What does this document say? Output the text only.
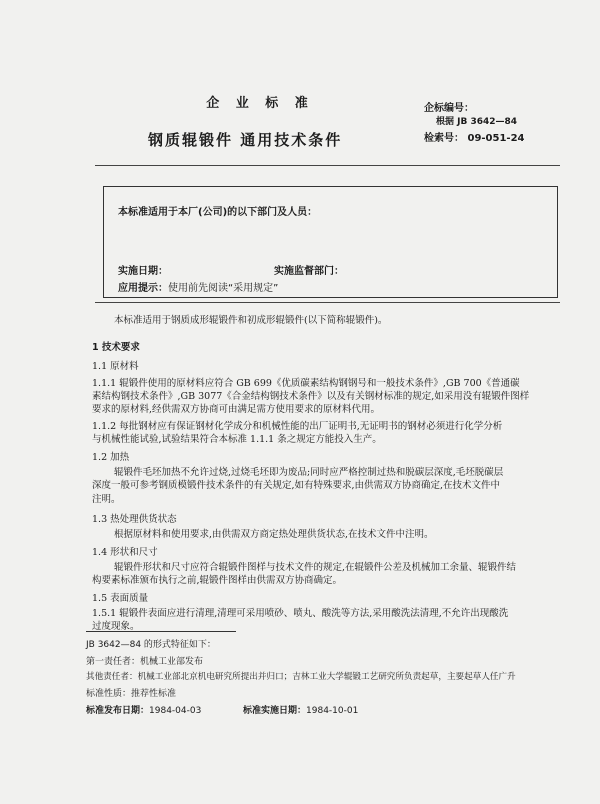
企 业 标 准
钢质辊锻件 通用技术条件
企标编号：
根据 JB 3642—84
检索号： 09-051-24
本标准适用于本厂(公司)的以下部门及人员：
实施日期：	实施监督部门：
应用提示：使用前先阅读“采用规定”
本标准适用于钢质成形辊锻件和初成形辊锻件(以下简称辊锻件)。
1 技术要求
1.1 原材料
1.1.1 辊锻件使用的原材料应符合 GB 699《优质碳素结构钢钢号和一般技术条件》,GB 700《普通碳
素结构钢技术条件》,GB 3077《合金结构钢技术条件》以及有关钢材标准的规定,如采用没有辊锻件图样
要求的原材料,经供需双方协商可由满足需方使用要求的原材料代用。
1.1.2 每批钢材应有保证钢材化学成分和机械性能的出厂证明书,无证明书的钢材必须进行化学分析
与机械性能试验,试验结果符合本标准 1.1.1 条之规定方能投入生产。
1.2 加热
辊锻件毛坯加热不允许过烧,过烧毛坯即为废品;同时应严格控制过热和脱碳层深度,毛坯脱碳层
深度一般可参考钢质模锻件技术条件的有关规定,如有特殊要求,由供需双方协商确定,在技术文件中
注明。
1.3 热处理供货状态
根据原材料和使用要求,由供需双方商定热处理供货状态,在技术文件中注明。
1.4 形状和尺寸
辊锻件形状和尺寸应符合辊锻件图样与技术文件的规定,在辊锻件公差及机械加工余量、辊锻件结
构要素标准颁布执行之前,辊锻件图样由供需双方协商确定。
1.5 表面质量
1.5.1 辊锻件表面应进行清理,清理可采用喷砂、喷丸、酸洗等方法,采用酸洗法清理,不允许出现酸洗
过度现象。
JB 3642—84 的形式特征如下：
第一责任者：机械工业部发布
其他责任者：机械工业部北京机电研究所提出并归口；吉林工业大学辊锻工艺研究所负责起草，主要起草人任广升
标准性质：推荐性标准
标准发布日期：1984-04-03	标准实施日期：1984-10-01
